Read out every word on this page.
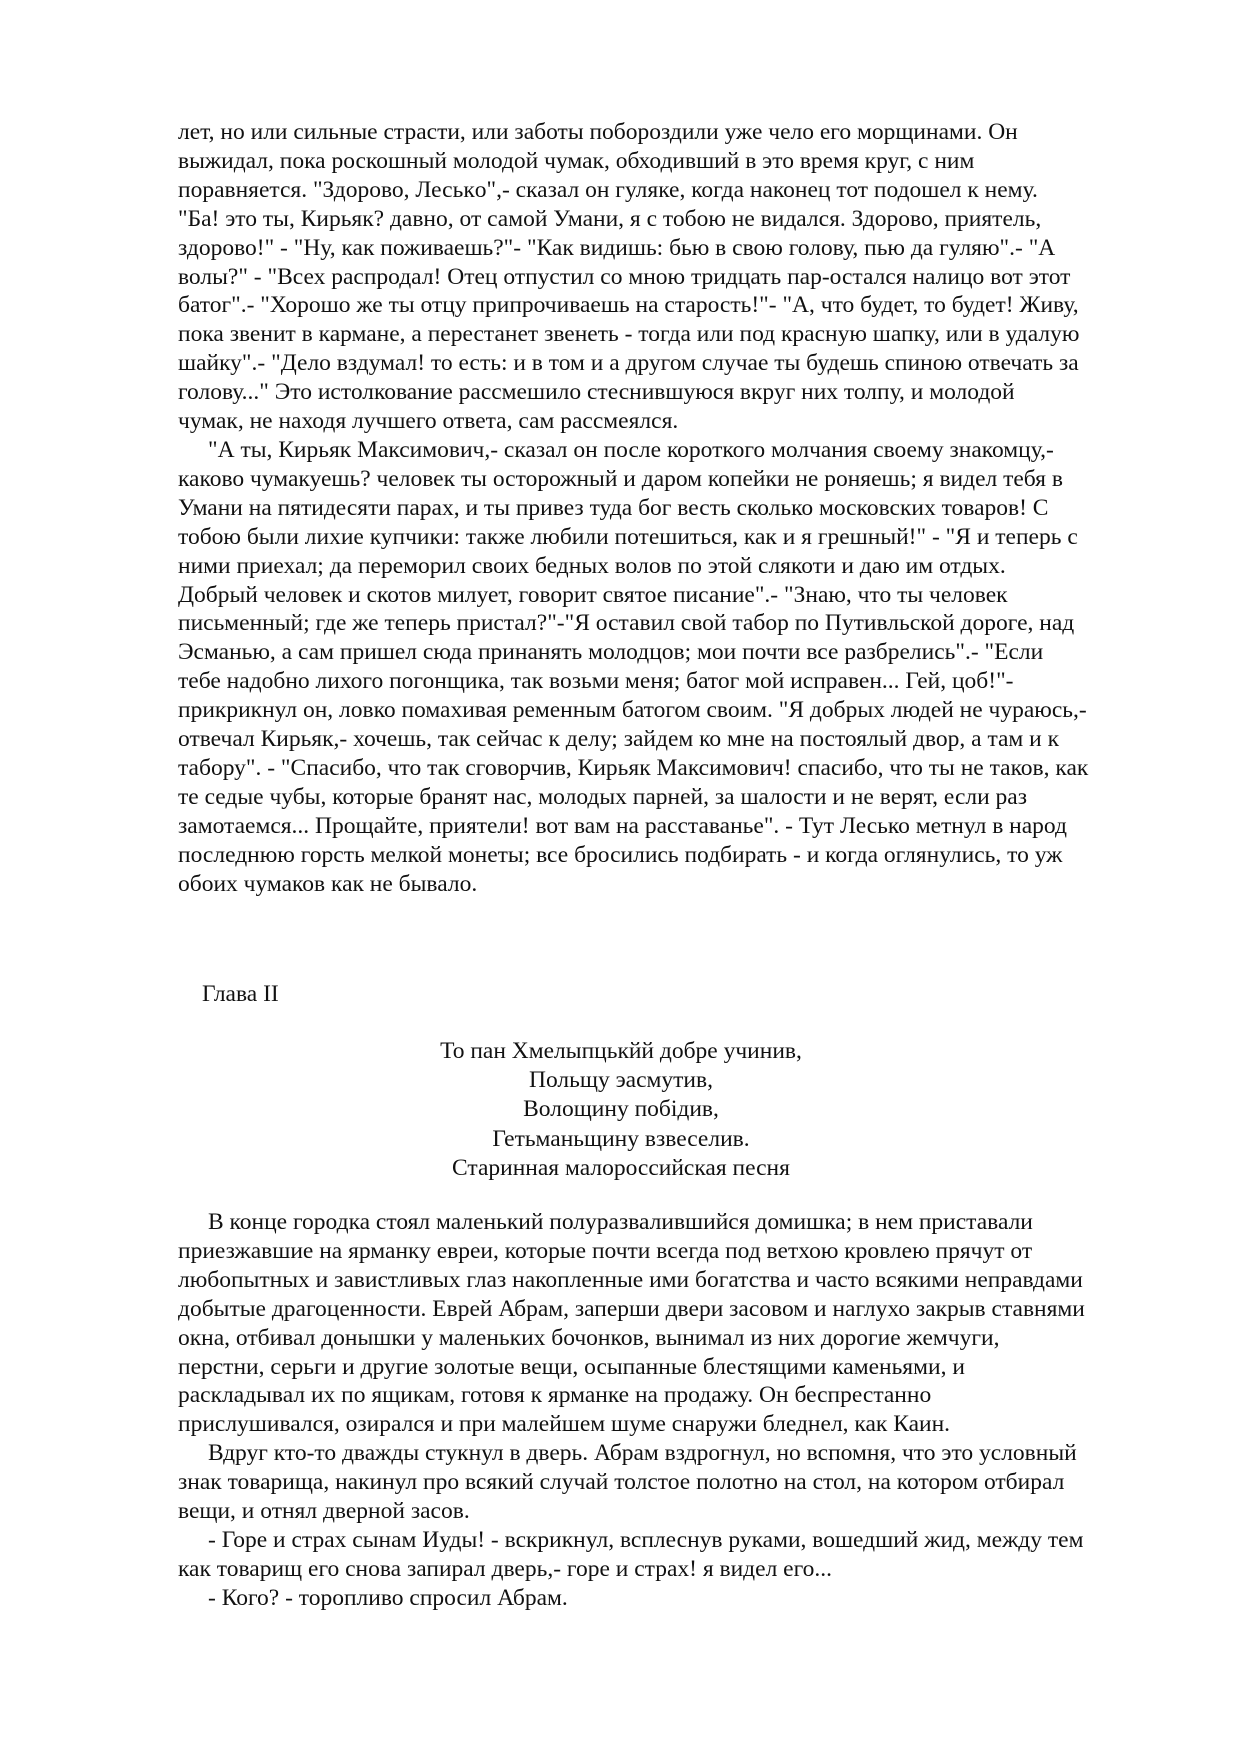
лет, но или сильные страсти, или заботы побороздили уже чело его морщинами. Он
выжидал, пока роскошный молодой чумак, обходивший в это время круг, с ним
поравняется. "Здорово, Леськo",- сказал он гуляке, когда наконец тот подошел к нему.
"Ба! это ты, Кирьяк? давно, от самой Умани, я с тобою не видался. Здорово, приятель,
здорово!" - "Ну, как поживаешь?"- "Как видишь: бью в свою голову, пью да гуляю".- "А
волы?" - "Всех распродал! Отец отпустил со мною тридцать пар-остался налицо вот этот
батог".- "Хорошо же ты отцу припрочиваешь на старость!"- "А, что будет, то будет! Живу,
пока звенит в кармане, а перестанет звенеть - тогда или под красную шапку, или в удалую
шайку".- "Дело вздумал! то есть: и в том и а другом случае ты будешь спиною отвечать за
голову..." Это истолкование рассмешило стеснившуюся вкруг них толпу, и молодой
чумак, не находя лучшего ответа, сам рассмеялся.
"А ты, Кирьяк Максимович,- сказал он после короткого молчания своему знакомцу,-
каково чумакуешь? человек ты осторожный и даром копейки не роняешь; я видел тебя в
Умани на пятидесяти парах, и ты привез туда бог весть сколько московских товаров! С
тобою были лихие купчики: также любили потешиться, как и я грешный!" - "Я и теперь с
ними приехал; да переморил своих бедных волов по этой слякоти и даю им отдых.
Добрый человек и скотов милует, говорит святое писание".- "Знаю, что ты человек
письменный; где же теперь пристал?"-"Я оставил свой табор по Путивльской дороге, над
Эсманью, а сам пришел сюда принанять молодцов; мои почти все разбрелись".- "Если
тебе надобно лихого погонщика, так возьми меня; батог мой исправен... Гей, цоб!"-
прикрикнул он, ловко помахивая ременным батогом своим. "Я добрых людей не чураюсь,-
отвечал Кирьяк,- хочешь, так сейчас к делу; зайдем ко мне на постоялый двор, а там и к
табору". - "Спасибо, что так сговорчив, Кирьяк Максимович! спасибо, что ты не таков, как
те седые чубы, которые бранят нас, молодых парней, за шалости и не верят, если раз
замотаемся... Прощайте, приятели! вот вам на расставанье". - Тут Лесько метнул в народ
последнюю горсть мелкой монеты; все бросились подбирать - и когда оглянулись, то уж
обоих чумаков как не бывало.
Глава II
То пан Хмелыпцькйй добре учинив,
Польщу эасмутив,
Волощину побідив,
Гетьманьщину взвеселив.
Старинная малороссийская песня
В конце городка стоял маленький полуразвалившийся домишка; в нем приставали
приезжавшие на ярманку евреи, которые почти всегда под ветхою кровлею прячут от
любопытных и завистливых глаз накопленные ими богатства и часто всякими неправдами
добытые драгоценности. Еврей Абрам, заперши двери засовом и наглухо закрыв ставнями
окна, отбивал донышки у маленьких бочонков, вынимал из них дорогие жемчуги,
перстни, серьги и другие золотые вещи, осыпанные блестящими каменьями, и
раскладывал их по ящикам, готовя к ярманке на продажу. Он беспрестанно
прислушивался, озирался и при малейшем шуме снаружи бледнел, как Каин.
Вдруг кто-то дважды стукнул в дверь. Абрам вздрогнул, но вспомня, что это условный
знак товарища, накинул про всякий случай толстое полотно на стол, на котором отбирал
вещи, и отнял дверной засов.
- Горе и страх сынам Иуды! - вскрикнул, всплеснув руками, вошедший жид, между тем
как товарищ его снова запирал дверь,- горе и страх! я видел его...
- Кого? - торопливо спросил Абрам.
